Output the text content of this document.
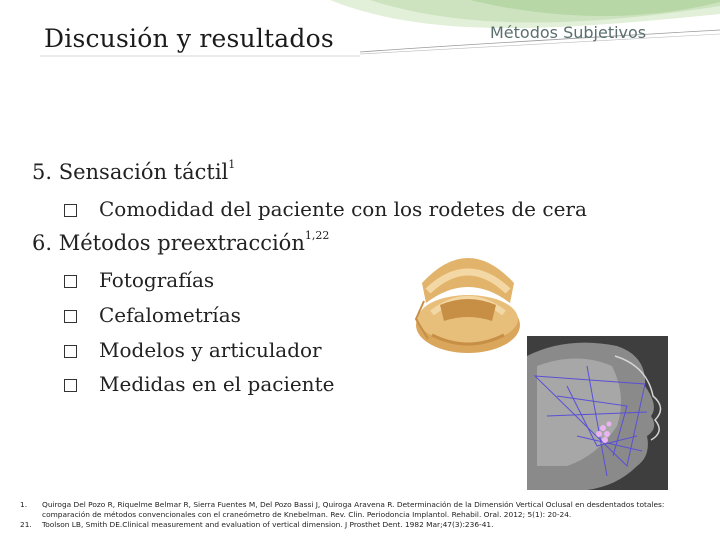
Discusión y resultados	Métodos Subjetivos
5. Sensación táctil$^1$
Comodidad del paciente con los rodetes de cera
6. Métodos preextracción$^{1,22}$
Fotografías
Cefalometrías
Modelos y articulador
Medidas en el paciente
1.	Quiroga Del Pozo R, Riquelme Belmar R, Sierra Fuentes M, Del Pozo Bassi J, Quiroga Aravena R. Determinación de la Dimensión Vertical Oclusal en desdentados totales: comparación de métodos convencionales con el craneómetro de Knebelman. Rev. Clin. Periodoncia Implantol. Rehabil. Oral. 2012; 5(1): 20-24.
21.	Toolson LB, Smith DE.Clinical measurement and evaluation of vertical dimension. J Prosthet Dent. 1982 Mar;47(3):236-41.
